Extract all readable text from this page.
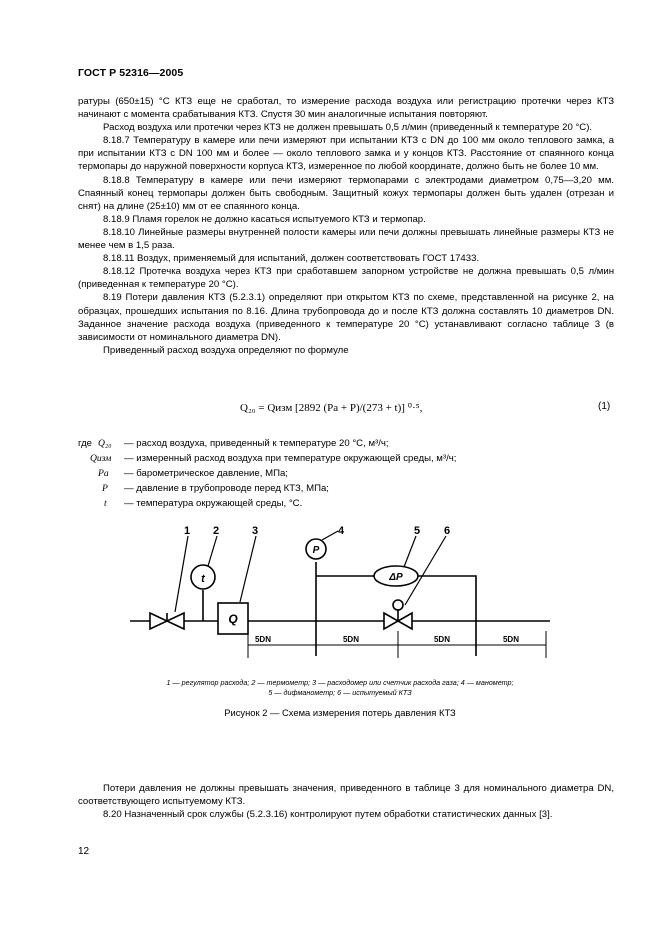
ГОСТ Р 52316—2005

ратуры (650±15) °С КТЗ еще не сработал, то измерение расхода воздуха или регистрацию протечки через КТЗ начинают с момента срабатывания КТЗ. Спустя 30 мин аналогичные испытания повторяют.

Расход воздуха или протечки через КТЗ не должен превышать 0,5 л/мин (приведенный к температуре 20 °С).

8.18.7 Температуру в камере или печи измеряют при испытании КТЗ с DN до 100 мм около теплового замка, а при испытании КТЗ с DN 100 мм и более — около теплового замка и у концов КТЗ. Расстояние от спаянного конца термопары до наружной поверхности корпуса КТЗ, измеренное по любой координате, должно быть не более 10 мм.

8.18.8 Температуру в камере или печи измеряют термопарами с электродами диаметром 0,75—3,20 мм. Спаянный конец термопары должен быть свободным. Защитный кожух термопары должен быть удален (отрезан и снят) на длине (25±10) мм от ее спаянного конца.

8.18.9 Пламя горелок не должно касаться испытуемого КТЗ и термопар.

8.18.10 Линейные размеры внутренней полости камеры или печи должны превышать линейные размеры КТЗ не менее чем в 1,5 раза.

8.18.11 Воздух, применяемый для испытаний, должен соответствовать ГОСТ 17433.

8.18.12 Протечка воздуха через КТЗ при сработавшем запорном устройстве не должна превышать 0,5 л/мин (приведенная к температуре 20 °С).

8.19 Потери давления КТЗ (5.2.3.1) определяют при открытом КТЗ по схеме, представленной на рисунке 2, на образцах, прошедших испытания по 8.16. Длина трубопровода до и после КТЗ должна составлять 10 диаметров DN. Заданное значение расхода воздуха (приведенного к температуре 20 °С) устанавливают согласно таблице 3 (в зависимости от номинального диаметра DN).

Приведенный расход воздуха определяют по формуле

Q₂₀ = Qизм [2892 (Pа + P)/(273 + t)] ⁰·⁵,	(1)
где Q₂₀ — расход воздуха, приведенный к температуре 20 °С, м³/ч;
Qизм — измеренный расход воздуха при температуре окружающей среды, м³/ч;
Pа — барометрическое давление, МПа;
P — давление в трубопроводе перед КТЗ, МПа;
t — температура окружающей среды, °С.
1 2	3	4	5 6
t
Q
P
ΔP
5DN	5DN	5DN	5DN
1 — регулятор расхода; 2 — термометр; 3 — расходомер или счетчик расхода газа; 4 — манометр;
5 — дифманометр; 6 — испытуемый КТЗ
Рисунок 2 — Схема измерения потерь давления КТЗ

Потери давления не должны превышать значения, приведенного в таблице 3 для номинального диаметра DN, соответствующего испытуемому КТЗ.

8.20 Назначенный срок службы (5.2.3.16) контролируют путем обработки статистических данных [3].

12
